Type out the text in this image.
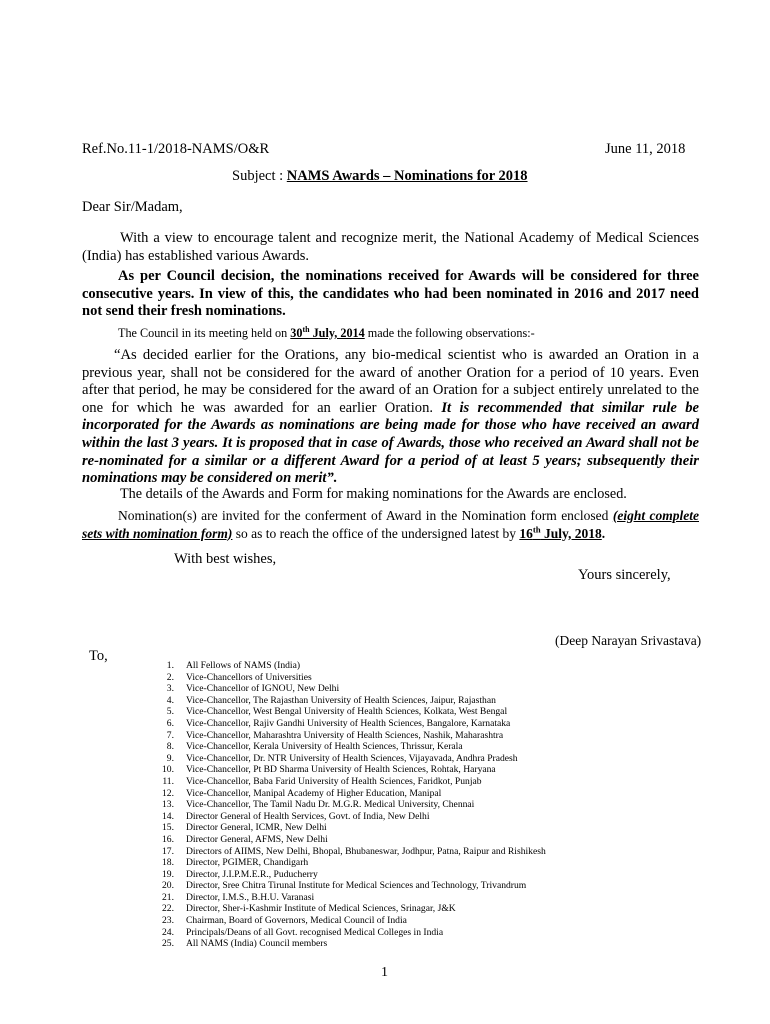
Ref.No.11-1/2018-NAMS/O&R	June 11, 2018
Subject : NAMS Awards – Nominations for 2018
Dear Sir/Madam,
With a view to encourage talent and recognize merit, the National Academy of Medical Sciences (India) has established various Awards.
As per Council decision, the nominations received for Awards will be considered for three consecutive years. In view of this, the candidates who had been nominated in 2016 and 2017 need not send their fresh nominations.
The Council in its meeting held on 30th July, 2014 made the following observations:-
“As decided earlier for the Orations, any bio-medical scientist who is awarded an Oration in a previous year, shall not be considered for the award of another Oration for a period of 10 years. Even after that period, he may be considered for the award of an Oration for a subject entirely unrelated to the one for which he was awarded for an earlier Oration. It is recommended that similar rule be incorporated for the Awards as nominations are being made for those who have received an award within the last 3 years. It is proposed that in case of Awards, those who received an Award shall not be re-nominated for a similar or a different Award for a period of at least 5 years; subsequently their nominations may be considered on merit”.
The details of the Awards and Form for making nominations for the Awards are enclosed.
Nomination(s) are invited for the conferment of Award in the Nomination form enclosed (eight complete sets with nomination form) so as to reach the office of the undersigned latest by 16th July, 2018.
With best wishes,
Yours sincerely,
(Deep Narayan Srivastava)
To,
1. All Fellows of NAMS (India)
2. Vice-Chancellors of Universities
3. Vice-Chancellor of IGNOU, New Delhi
4. Vice-Chancellor, The Rajasthan University of Health Sciences, Jaipur, Rajasthan
5. Vice-Chancellor, West Bengal University of Health Sciences, Kolkata, West Bengal
6. Vice-Chancellor, Rajiv Gandhi University of Health Sciences, Bangalore, Karnataka
7. Vice-Chancellor, Maharashtra University of Health Sciences, Nashik, Maharashtra
8. Vice-Chancellor, Kerala University of Health Sciences, Thrissur, Kerala
9. Vice-Chancellor, Dr. NTR University of Health Sciences, Vijayavada, Andhra Pradesh
10. Vice-Chancellor, Pt BD Sharma University of Health Sciences, Rohtak, Haryana
11. Vice-Chancellor, Baba Farid University of Health Sciences, Faridkot, Punjab
12. Vice-Chancellor, Manipal Academy of Higher Education, Manipal
13. Vice-Chancellor, The Tamil Nadu Dr. M.G.R. Medical University, Chennai
14. Director General of Health Services, Govt. of India, New Delhi
15. Director General, ICMR, New Delhi
16. Director General, AFMS, New Delhi
17. Directors of AIIMS, New Delhi, Bhopal, Bhubaneswar, Jodhpur, Patna, Raipur and Rishikesh
18. Director, PGIMER, Chandigarh
19. Director, J.I.P.M.E.R., Puducherry
20. Director, Sree Chitra Tirunal Institute for Medical Sciences and Technology, Trivandrum
21. Director, I.M.S., B.H.U. Varanasi
22. Director, Sher-i-Kashmir Institute of Medical Sciences, Srinagar, J&K
23. Chairman, Board of Governors, Medical Council of India
24. Principals/Deans of all Govt. recognised Medical Colleges in India
25. All NAMS (India) Council members
1
